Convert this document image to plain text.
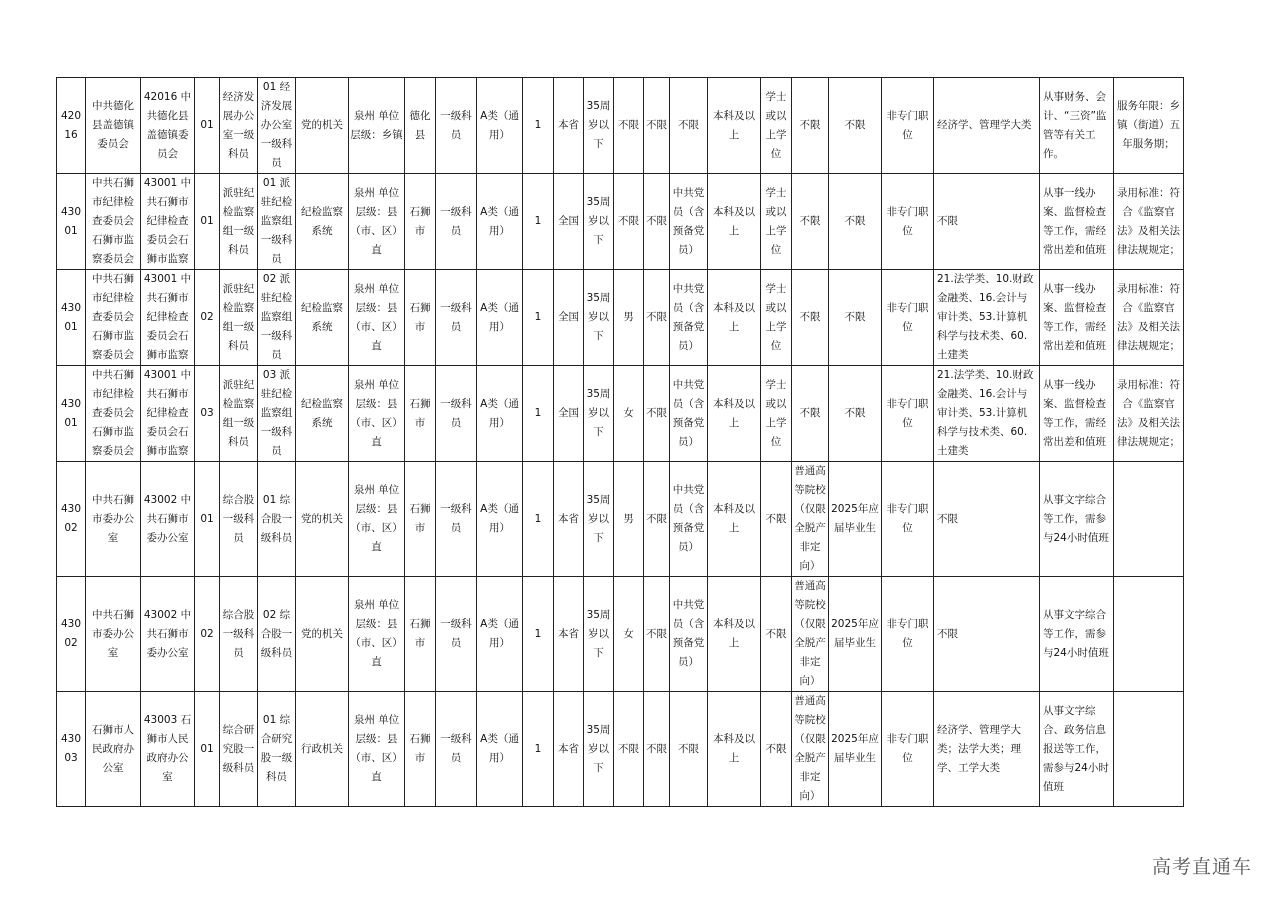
42016	中共德化县盖德镇委员会	42016 中共德化县盖德镇委员会	01	经济发展办公室一级科员	01 经济发展办公室一级科员	党的机关	泉州 单位层级：乡镇	德化县	一级科员	A类（通用）	1	本省	35周岁以下	不限	不限	不限	本科及以上	学士或以上学位	不限	不限	非专门职位	经济学、管理学大类	从事财务、会计、“三资”监管等有关工作。	服务年限：乡镇（街道）五年服务期；

43001	中共石狮市纪律检查委员会石狮市监察委员会	43001 中共石狮市纪律检查委员会石狮市监察	01	派驻纪检监察组一级科员	01 派驻纪检监察组一级科员	纪检监察系统	泉州 单位层级：县（市、区）直	石狮市	一级科员	A类（通用）	1	全国	35周岁以下	不限	不限	中共党员（含预备党员）	本科及以上	学士或以上学位	不限	不限	非专门职位	不限	从事一线办案、监督检查等工作，需经常出差和值班	录用标准：符合《监察官法》及相关法律法规规定；

43001	中共石狮市纪律检查委员会石狮市监察委员会	43001 中共石狮市纪律检查委员会石狮市监察	02	派驻纪检监察组一级科员	02 派驻纪检监察组一级科员	纪检监察系统	泉州 单位层级：县（市、区）直	石狮市	一级科员	A类（通用）	1	全国	35周岁以下	男	不限	中共党员（含预备党员）	本科及以上	学士或以上学位	不限	不限	非专门职位	21.法学类、10.财政金融类、16.会计与审计类、53.计算机科学与技术类、60.土建类	从事一线办案、监督检查等工作，需经常出差和值班	录用标准：符合《监察官法》及相关法律法规规定；

43001	中共石狮市纪律检查委员会石狮市监察委员会	43001 中共石狮市纪律检查委员会石狮市监察	03	派驻纪检监察组一级科员	03 派驻纪检监察组一级科员	纪检监察系统	泉州 单位层级：县（市、区）直	石狮市	一级科员	A类（通用）	1	全国	35周岁以下	女	不限	中共党员（含预备党员）	本科及以上	学士或以上学位	不限	不限	非专门职位	21.法学类、10.财政金融类、16.会计与审计类、53.计算机科学与技术类、60.土建类	从事一线办案、监督检查等工作，需经常出差和值班	录用标准：符合《监察官法》及相关法律法规规定；

43002	中共石狮市委办公室	43002 中共石狮市委办公室	01	综合股一级科员	01 综合股一级科员	党的机关	泉州 单位层级：县（市、区）直	石狮市	一级科员	A类（通用）	1	本省	35周岁以下	男	不限	中共党员（含预备党员）	本科及以上	不限	普通高等院校（仅限全脱产非定向）	2025年应届毕业生	非专门职位	不限	从事文字综合等工作，需参与24小时值班	

43002	中共石狮市委办公室	43002 中共石狮市委办公室	02	综合股一级科员	02 综合股一级科员	党的机关	泉州 单位层级：县（市、区）直	石狮市	一级科员	A类（通用）	1	本省	35周岁以下	女	不限	中共党员（含预备党员）	本科及以上	不限	普通高等院校（仅限全脱产非定向）	2025年应届毕业生	非专门职位	不限	从事文字综合等工作，需参与24小时值班	

43003	石狮市人民政府办公室	43003 石狮市人民政府办公室	01	综合研究股一级科员	01 综合研究股一级科员	行政机关	泉州 单位层级：县（市、区）直	石狮市	一级科员	A类（通用）	1	本省	35周岁以下	不限	不限	不限	本科及以上	不限	普通高等院校（仅限全脱产非定向）	2025年应届毕业生	非专门职位	经济学、管理学大类；法学大类；理学、工学大类	从事文字综合、政务信息报送等工作，需参与24小时值班	

高考直通车
